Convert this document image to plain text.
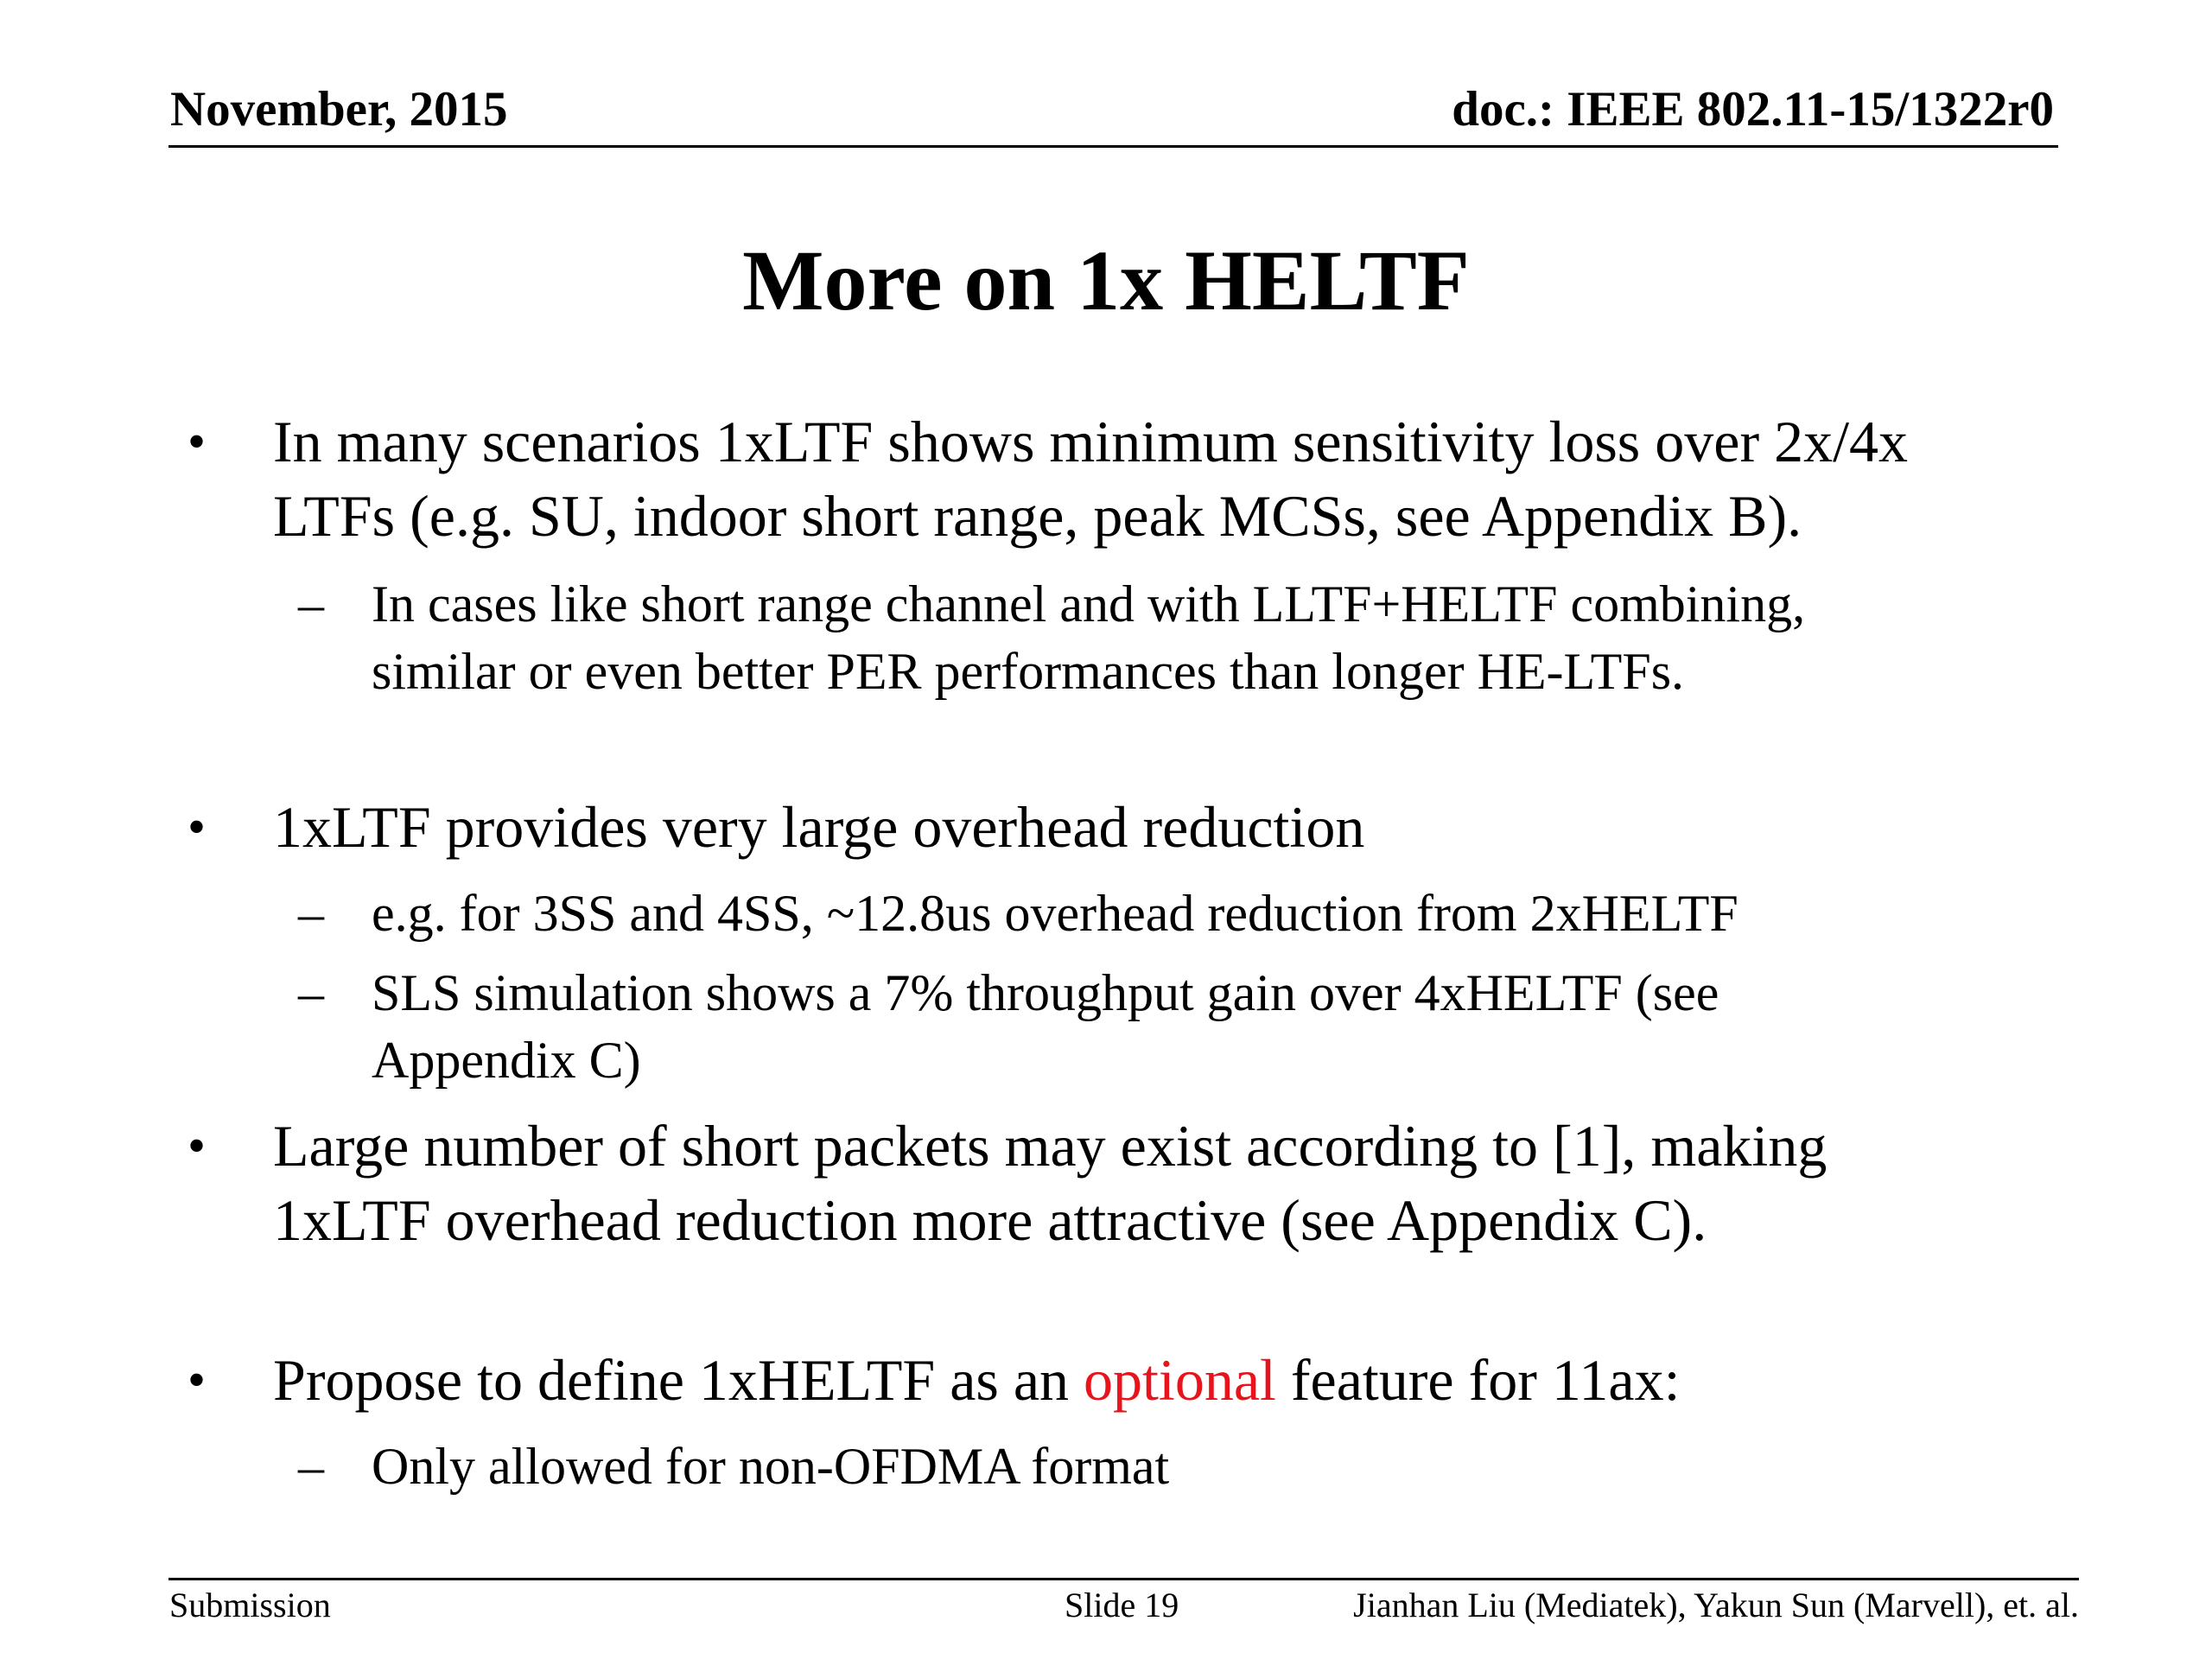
November, 2015	doc.: IEEE 802.11-15/1322r0
More on 1x HELTF
• In many scenarios 1xLTF shows minimum sensitivity loss over 2x/4x
LTFs (e.g. SU, indoor short range, peak MCSs, see Appendix B).
– In cases like short range channel and with LLTF+HELTF combining,
similar or even better PER performances than longer HE-LTFs.
• 1xLTF provides very large overhead reduction
– e.g. for 3SS and 4SS, ~12.8us overhead reduction from 2xHELTF
– SLS simulation shows a 7% throughput gain over 4xHELTF (see
Appendix C)
• Large number of short packets may exist according to [1], making
1xLTF overhead reduction more attractive (see Appendix C).
• Propose to define 1xHELTF as an optional feature for 11ax:
– Only allowed for non-OFDMA format
Submission	Slide 19	Jianhan Liu (Mediatek), Yakun Sun (Marvell), et. al.
